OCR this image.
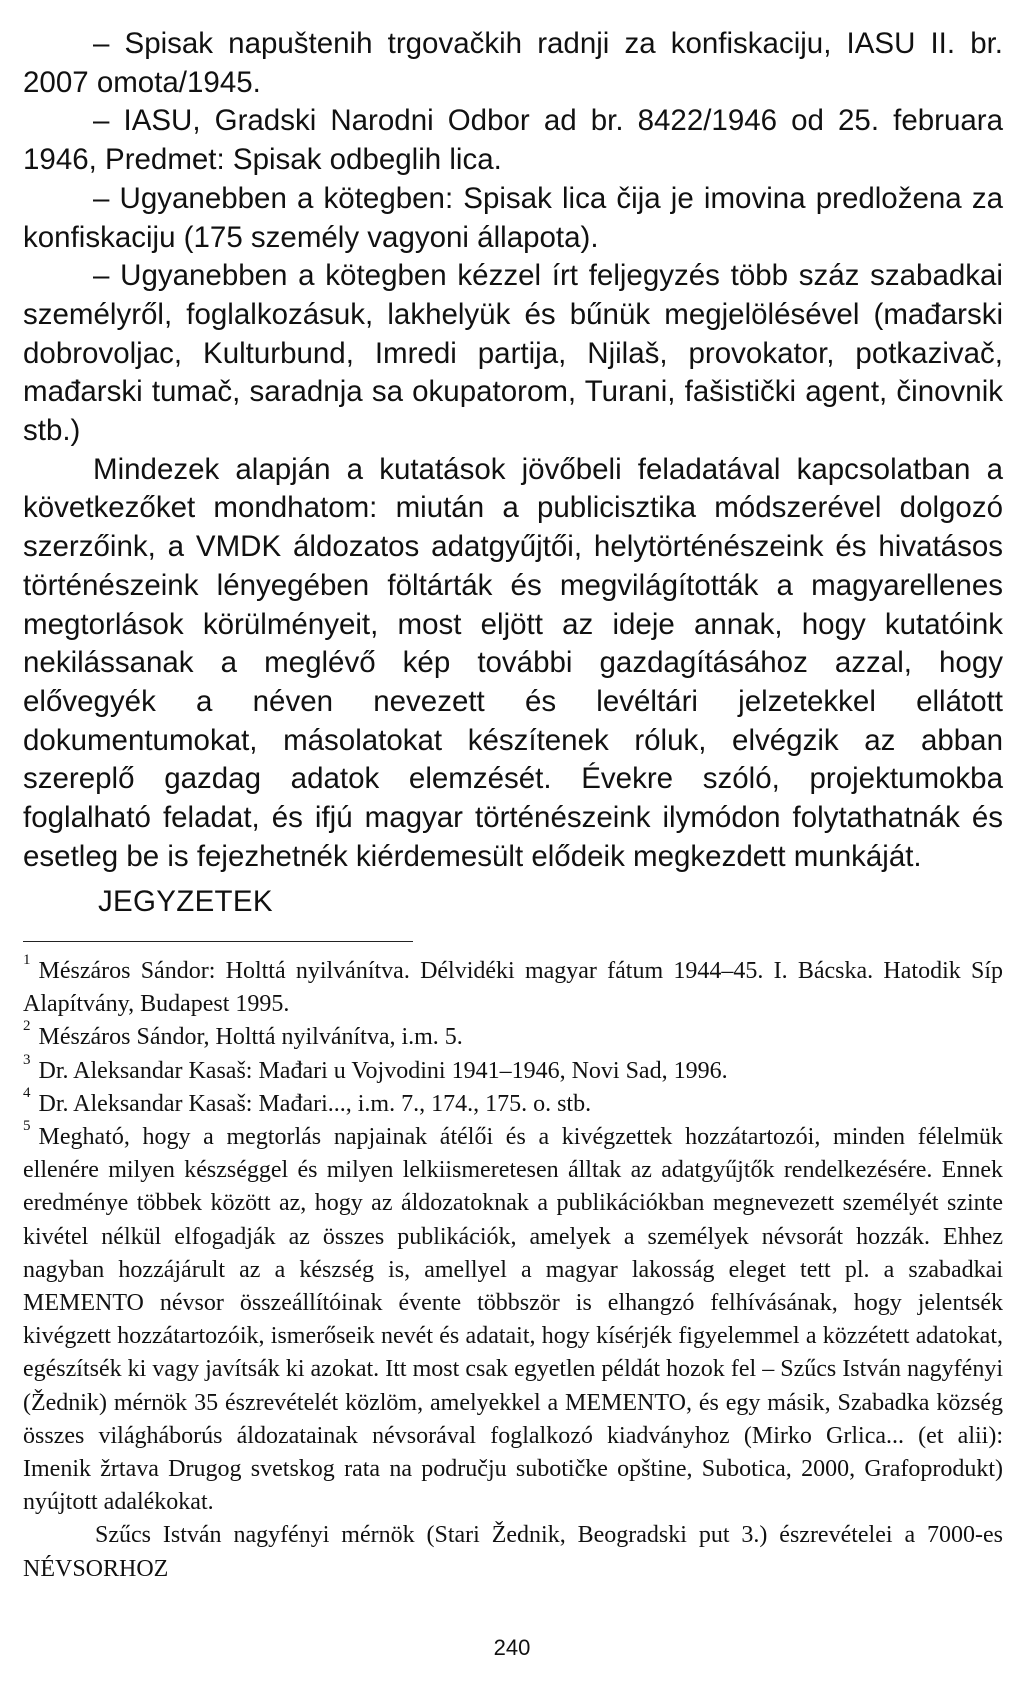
– Spisak napuštenih trgovačkih radnji za konfiskaciju, IASU II. br. 2007 omota/1945.

– IASU, Gradski Narodni Odbor ad br. 8422/1946 od 25. februara 1946, Predmet: Spisak odbeglih lica.

– Ugyanebben a kötegben: Spisak lica čija je imovina predložena za konfiskaciju (175 személy vagyoni állapota).

– Ugyanebben a kötegben kézzel írt feljegyzés több száz szabadkai személyről, foglalkozásuk, lakhelyük és bűnük megjelölésével (mađarski dobrovoljac, Kulturbund, Imredi partija, Njilaš, provokator, potkazivač, mađarski tumač, saradnja sa okupatorom, Turani, fašistički agent, činovnik stb.)

Mindezek alapján a kutatások jövőbeli feladatával kapcsolatban a következőket mondhatom: miután a publicisztika módszerével dolgozó szerzőink, a VMDK áldozatos adatgyűjtői, helytörténészeink és hivatásos történészeink lényegében föltárták és megvilágították a magyarellenes megtorlások körülményeit, most eljött az ideje annak, hogy kutatóink nekilássanak a meglévő kép további gazdagításához azzal, hogy elővegyék a néven nevezett és levéltári jelzetekkel ellátott dokumentumokat, másolatokat készítenek róluk, elvégzik az abban szereplő gazdag adatok elemzését. Évekre szóló, projektumokba foglalható feladat, és ifjú magyar történészeink ilymódon folytathatnák és esetleg be is fejezhetnék kiérdemesült elődeik megkezdett munkáját.

JEGYZETEK

$^1$ Mészáros Sándor: Holttá nyilvánítva. Délvidéki magyar fátum 1944–45. I. Bácska. Hatodik Síp Alapítvány, Budapest 1995.

$^2$ Mészáros Sándor, Holttá nyilvánítva, i.m. 5.

$^3$ Dr. Aleksandar Kasaš: Mađari u Vojvodini 1941–1946, Novi Sad, 1996.

$^4$ Dr. Aleksandar Kasaš: Mađari..., i.m. 7., 174., 175. o. stb.

$^5$ Megható, hogy a megtorlás napjainak átélői és a kivégzettek hozzátartozói, minden félelmük ellenére milyen készséggel és milyen lelkiismeretesen álltak az adatgyűjtők rendelkezésére. Ennek eredménye többek között az, hogy az áldozatoknak a publikációkban megnevezett személyét szinte kivétel nélkül elfogadják az összes publikációk, amelyek a személyek névsorát hozzák. Ehhez nagyban hozzájárult az a készség is, amellyel a magyar lakosság eleget tett pl. a szabadkai MEMENTO névsor összeállítóinak évente többször is elhangzó felhívásának, hogy jelentsék kivégzett hozzátartozóik, ismerőseik nevét és adatait, hogy kísérjék figyelemmel a közzétett adatokat, egészítsék ki vagy javítsák ki azokat. Itt most csak egyetlen példát hozok fel – Szűcs István nagyfényi (Žednik) mérnök 35 észrevételét közlöm, amelyekkel a MEMENTO, és egy másik, Szabadka község összes világháborús áldozatainak névsorával foglalkozó kiadványhoz (Mirko Grlica... (et alii): Imenik žrtava Drugog svetskog rata na području subotičke opštine, Subotica, 2000, Grafoprodukt) nyújtott adalékokat.

Szűcs István nagyfényi mérnök (Stari Žednik, Beogradski put 3.) észrevételei a 7000-es NÉVSORHOZ

240
